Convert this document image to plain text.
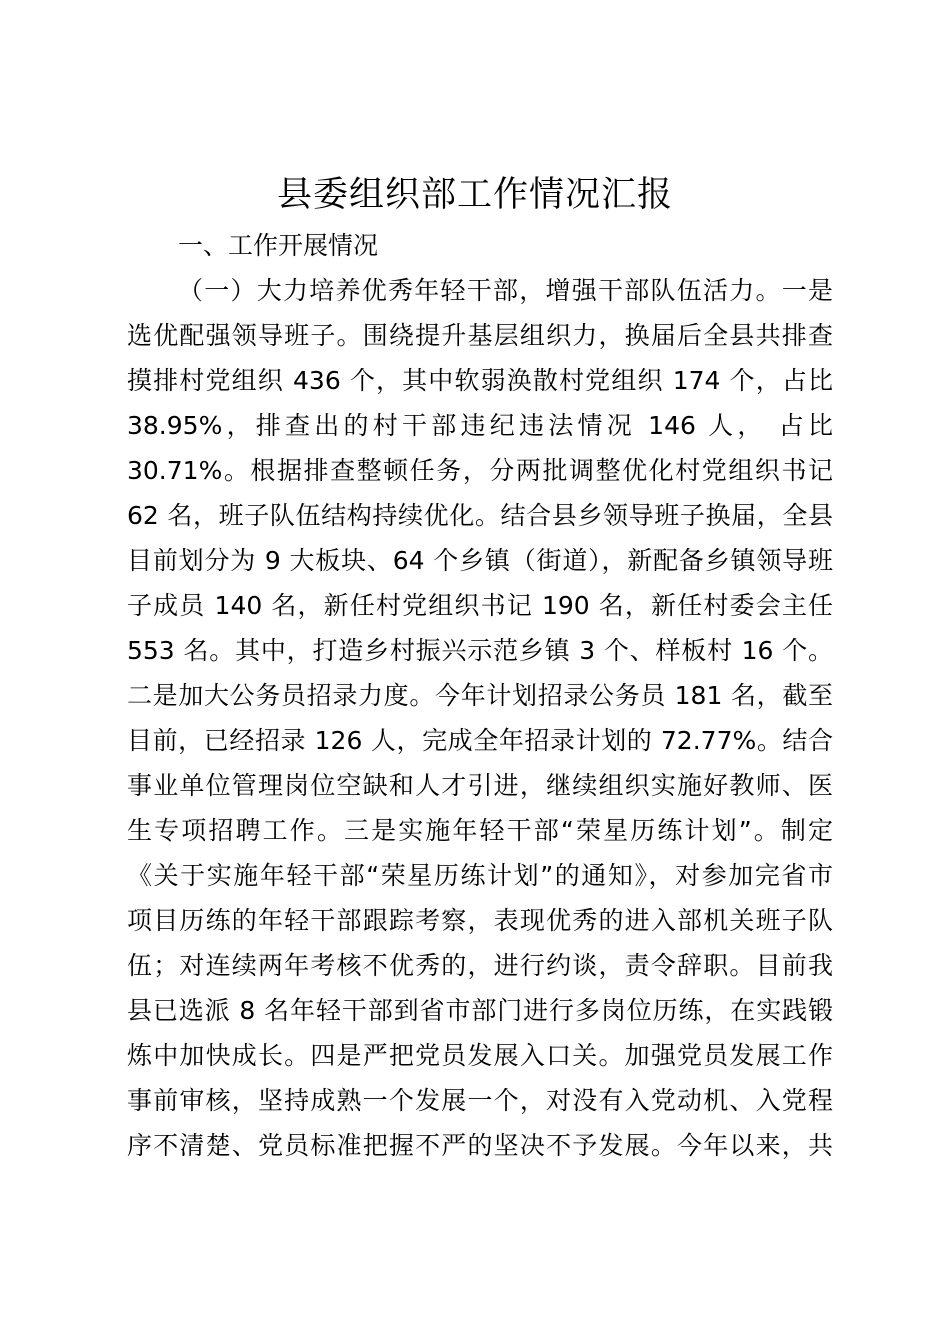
县委组织部工作情况汇报
一、工作开展情况
（一）大力培养优秀年轻干部，增强干部队伍活力。一是
选优配强领导班子。围绕提升基层组织力，换届后全县共排查
摸排村党组织 436 个，其中软弱涣散村党组织 174 个，占比
38.95%，排查出的村干部违纪违法情况 146 人， 占比
30.71%。根据排查整顿任务，分两批调整优化村党组织书记
62 名，班子队伍结构持续优化。结合县乡领导班子换届，全县
目前划分为 9 大板块、64 个乡镇（街道），新配备乡镇领导班
子成员 140 名，新任村党组织书记 190 名，新任村委会主任
553 名。其中，打造乡村振兴示范乡镇 3 个、样板村 16 个。
二是加大公务员招录力度。今年计划招录公务员 181 名，截至
目前，已经招录 126 人，完成全年招录计划的 72.77%。结合
事业单位管理岗位空缺和人才引进，继续组织实施好教师、医
生专项招聘工作。三是实施年轻干部“荣星历练计划”。制定
《关于实施年轻干部“荣星历练计划”的通知》，对参加完省市
项目历练的年轻干部跟踪考察，表现优秀的进入部机关班子队
伍；对连续两年考核不优秀的，进行约谈，责令辞职。目前我
县已选派 8 名年轻干部到省市部门进行多岗位历练，在实践锻
炼中加快成长。四是严把党员发展入口关。加强党员发展工作
事前审核，坚持成熟一个发展一个，对没有入党动机、入党程
序不清楚、党员标准把握不严的坚决不予发展。今年以来，共
